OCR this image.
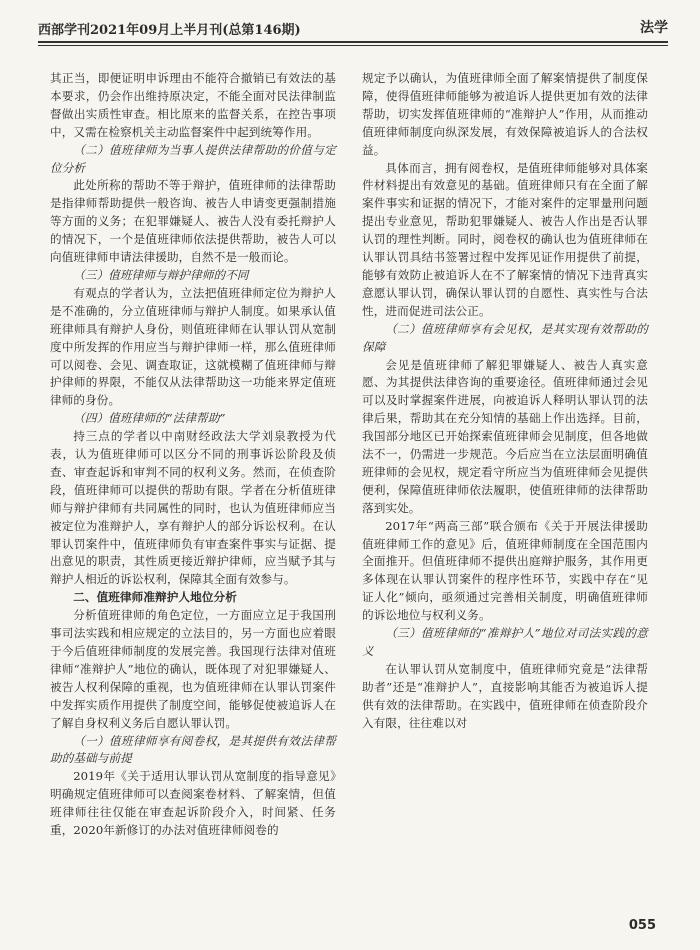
西部学刊2021年09月上半月刊(总第146期)	法学

其正当，即便证明申诉理由不能符合撤销已有效法的基本要求，仍会作出维持原决定，不能全面对民法律制监督做出实质性审查。相比原来的监督关系，在控告事项中，又需在检察机关主动监督案件中起到统筹作用。

（二）值班律师为当事人提供法律帮助的价值与定位分析

此处所称的帮助不等于辩护，值班律师的法律帮助是指律师帮助提供一般咨询、被告人申请变更强制措施等方面的义务；在犯罪嫌疑人、被告人没有委托辩护人的情况下，一个是值班律师依法提供帮助，被告人可以向值班律师申请法律援助，自然不是一般而论。

（三）值班律师与辩护律师的不同

有观点的学者认为，立法把值班律师定位为辩护人是不准确的，分立值班律师与辩护人制度。如果承认值班律师具有辩护人身份，则值班律师在认罪认罚从宽制度中所发挥的作用应当与辩护律师一样，那么值班律师可以阅卷、会见、调查取证，这就模糊了值班律师与辩护律师的界限，不能仅从法律帮助这一功能来界定值班律师的身份。

（四）值班律师的“法律帮助”

持三点的学者以中南财经政法大学刘泉教授为代表，认为值班律师可以区分不同的刑事诉讼阶段及侦查、审查起诉和审判不同的权利义务。然而，在侦查阶段，值班律师可以提供的帮助有限。学者在分析值班律师与辩护律师有共同属性的同时，也认为值班律师应当被定位为准辩护人，享有辩护人的部分诉讼权利。在认罪认罚案件中，值班律师负有审查案件事实与证据、提出意见的职责，其性质更接近辩护律师，应当赋予其与辩护人相近的诉讼权利，保障其全面有效参与。

二、值班律师准辩护人地位分析

分析值班律师的角色定位，一方面应立足于我国刑事司法实践和相应规定的立法目的，另一方面也应着眼于今后值班律师制度的发展完善。我国现行法律对值班律师“准辩护人”地位的确认，既体现了对犯罪嫌疑人、被告人权利保障的重视，也为值班律师在认罪认罚案件中发挥实质作用提供了制度空间，能够促使被追诉人在了解自身权利义务后自愿认罪认罚。

（一）值班律师享有阅卷权，是其提供有效法律帮助的基础与前提

2019年《关于适用认罪认罚从宽制度的指导意见》明确规定值班律师可以查阅案卷材料、了解案情，但值班律师往往仅能在审查起诉阶段介入，时间紧、任务重，2020年新修订的办法对值班律师阅卷的

规定予以确认，为值班律师全面了解案情提供了制度保障，使得值班律师能够为被追诉人提供更加有效的法律帮助，切实发挥值班律师的“准辩护人”作用，从而推动值班律师制度向纵深发展，有效保障被追诉人的合法权益。

具体而言，拥有阅卷权，是值班律师能够对具体案件材料提出有效意见的基础。值班律师只有在全面了解案件事实和证据的情况下，才能对案件的定罪量刑问题提出专业意见，帮助犯罪嫌疑人、被告人作出是否认罪认罚的理性判断。同时，阅卷权的确认也为值班律师在认罪认罚具结书签署过程中发挥见证作用提供了前提，能够有效防止被追诉人在不了解案情的情况下违背真实意愿认罪认罚，确保认罪认罚的自愿性、真实性与合法性，进而促进司法公正。

（二）值班律师享有会见权，是其实现有效帮助的保障

会见是值班律师了解犯罪嫌疑人、被告人真实意愿、为其提供法律咨询的重要途径。值班律师通过会见可以及时掌握案件进展，向被追诉人释明认罪认罚的法律后果，帮助其在充分知情的基础上作出选择。目前，我国部分地区已开始探索值班律师会见制度，但各地做法不一，仍需进一步规范。今后应当在立法层面明确值班律师的会见权，规定看守所应当为值班律师会见提供便利，保障值班律师依法履职，使值班律师的法律帮助落到实处。

2017年“两高三部”联合颁布《关于开展法律援助值班律师工作的意见》后，值班律师制度在全国范围内全面推开。但值班律师不提供出庭辩护服务，其作用更多体现在认罪认罚案件的程序性环节，实践中存在“见证人化”倾向，亟须通过完善相关制度，明确值班律师的诉讼地位与权利义务。

（三）值班律师的“准辩护人”地位对司法实践的意义

在认罪认罚从宽制度中，值班律师究竟是“法律帮助者”还是“准辩护人”，直接影响其能否为被追诉人提供有效的法律帮助。在实践中，值班律师在侦查阶段介入有限，往往难以对

055
